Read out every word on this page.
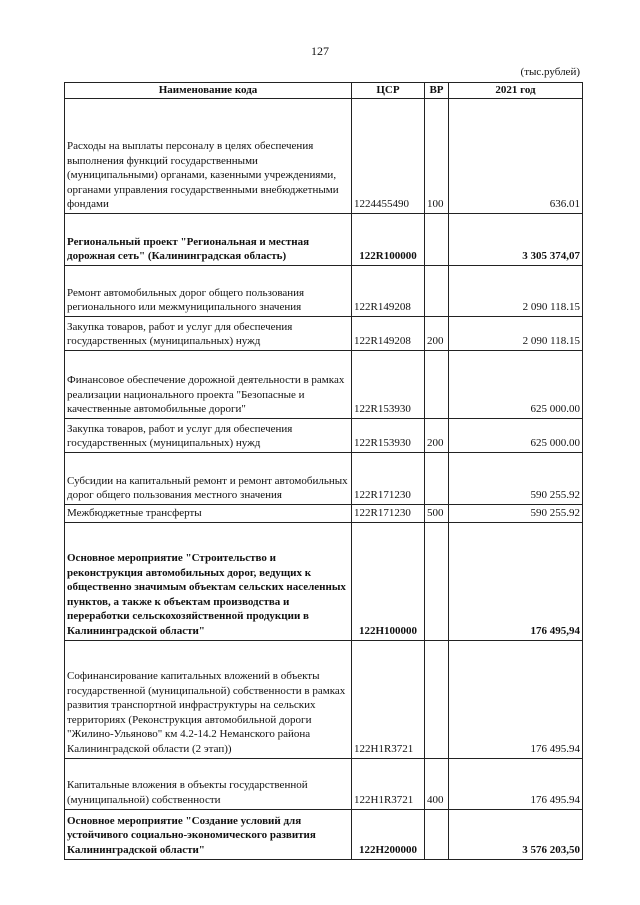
127
(тыс.рублей)
Наименование кода	ЦСР	ВР	2021 год
Расходы на выплаты персоналу в целях обеспечения выполнения функций государственными (муниципальными) органами, казенными учреждениями, органами управления государственными внебюджетными фондами	1224455490	100	636.01
Региональный проект "Региональная и местная дорожная сеть" (Калининградская область)	122R100000		3 305 374,07
Ремонт автомобильных дорог общего пользования регионального или межмуниципального значения	122R149208		2 090 118.15
Закупка товаров, работ и услуг для обеспечения государственных (муниципальных) нужд	122R149208	200	2 090 118.15
Финансовое обеспечение дорожной деятельности в рамках реализации национального проекта "Безопасные и качественные автомобильные дороги"	122R153930		625 000.00
Закупка товаров, работ и услуг для обеспечения государственных (муниципальных) нужд	122R153930	200	625 000.00
Субсидии на капитальный ремонт и ремонт автомобильных дорог общего пользования местного значения	122R171230		590 255.92
Межбюджетные трансферты	122R171230	500	590 255.92
Основное мероприятие "Строительство и реконструкция автомобильных дорог, ведущих к общественно значимым объектам сельских населенных пунктов, а также к объектам производства и переработки сельскохозяйственной продукции в Калининградской области"	122H100000		176 495,94
Софинансирование капитальных вложений в объекты государственной (муниципальной) собственности в рамках развития транспортной инфраструктуры на сельских территориях (Реконструкция автомобильной дороги "Жилино-Ульяново" км 4.2-14.2 Неманского района Калининградской области (2 этап))	122H1R3721		176 495.94
Капитальные вложения в объекты государственной (муниципальной) собственности	122H1R3721	400	176 495.94
Основное мероприятие "Создание условий для устойчивого социально-экономического развития Калининградской области"	122H200000		3 576 203,50
